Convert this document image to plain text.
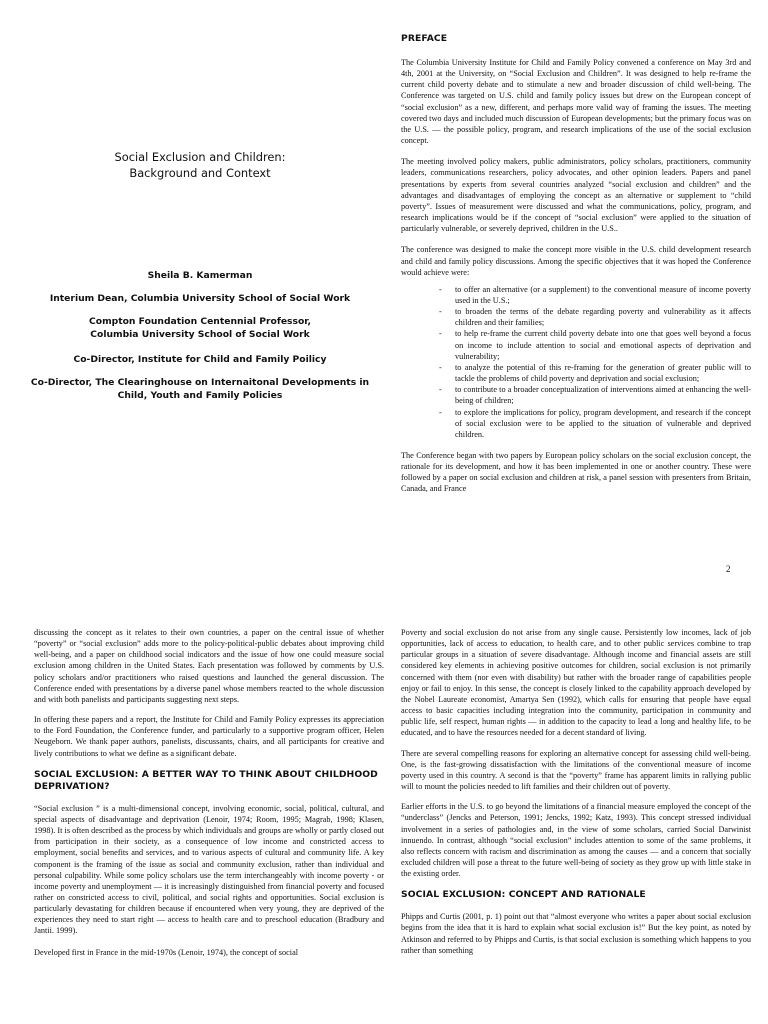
Social Exclusion and Children:
Background and Context
Sheila B. Kamerman
Interium Dean, Columbia University School of Social Work
Compton Foundation Centennial Professor,
Columbia University School of Social Work
Co-Director, Institute for Child and Family Poilicy
Co-Director, The Clearinghouse on Internaitonal Developments in
Child, Youth and Family Policies
PREFACE

The Columbia University Institute for Child and Family Policy convened a conference on May 3rd and 4th, 2001 at the University, on “Social Exclusion and Children”. It was designed to help re-frame the current child poverty debate and to stimulate a new and broader discussion of child well-being. The Conference was targeted on U.S. child and family policy issues but drew on the European concept of “social exclusion” as a new, different, and perhaps more valid way of framing the issues. The meeting covered two days and included much discussion of European developments; but the primary focus was on the U.S. — the possible policy, program, and research implications of the use of the social exclusion concept.

The meeting involved policy makers, public administrators, policy scholars, practitioners, community leaders, communications researchers, policy advocates, and other opinion leaders. Papers and panel presentations by experts from several countries analyzed “social exclusion and children” and the advantages and disadvantages of employing the concept as an alternative or supplement to “child poverty”. Issues of measurement were discussed and what the communications, policy, program, and research implications would be if the concept of “social exclusion” were applied to the situation of particularly vulnerable, or severely deprived, children in the U.S..

The conference was designed to make the concept more visible in the U.S. child development research and child and family policy discussions. Among the specific objectives that it was hoped the Conference would achieve were:

- to offer an alternative (or a supplement) to the conventional measure of income poverty used in the U.S.;
- to broaden the terms of the debate regarding poverty and vulnerability as it affects children and their families;
- to help re-frame the current child poverty debate into one that goes well beyond a focus on income to include attention to social and emotional aspects of deprivation and vulnerability;
- to analyze the potential of this re-framing for the generation of greater public will to tackle the problems of child poverty and deprivation and social exclusion;
- to contribute to a broader conceptualization of interventions aimed at enhancing the well-being of children;
- to explore the implications for policy, program development, and research if the concept of social exclusion were to be applied to the situation of vulnerable and deprived children.

The Conference began with two papers by European policy scholars on the social exclusion concept, the rationale for its development, and how it has been implemented in one or another country. These were followed by a paper on social exclusion and children at risk, a panel session with presenters from Britain, Canada, and France

2

discussing the concept as it relates to their own countries, a paper on the central issue of whether “poverty” or “social exclusion” adds more to the policy-political-public debates about improving child well-being, and a paper on childhood social indicators and the issue of how one could measure social exclusion among children in the United States. Each presentation was followed by comments by U.S. policy scholars and/or practitioners who raised questions and launched the general discussion. The Conference ended with presentations by a diverse panel whose members reacted to the whole discussion and with both panelists and participants suggesting next steps.

In offering these papers and a report, the Institute for Child and Family Policy expresses its appreciation to the Ford Foundation, the Conference funder, and particularly to a supportive program officer, Helen Neugeborn. We thank paper authors, panelists, discussants, chairs, and all participants for creative and lively contributions to what we define as a significant debate.

SOCIAL EXCLUSION: A BETTER WAY TO THINK ABOUT CHILDHOOD DEPRIVATION?

“Social exclusion ” is a multi-dimensional concept, involving economic, social, political, cultural, and special aspects of disadvantage and deprivation (Lenoir, 1974; Room, 1995; Magrab, 1998; Klasen, 1998). It is often described as the process by which individuals and groups are wholly or partly closed out from participation in their society, as a consequence of low income and constricted access to employment, social benefits and services, and to various aspects of cultural and community life. A key component is the framing of the issue as social and community exclusion, rather than individual and personal culpability. While some policy scholars use the term interchangeably with income poverty - or income poverty and unemployment — it is increasingly distinguished from financial poverty and focused rather on constricted access to civil, political, and social rights and opportunities. Social exclusion is particularly devastating for children because if encountered when very young, they are deprived of the experiences they need to start right — access to health care and to preschool education (Bradbury and Jantii. 1999).

Developed first in France in the mid-1970s (Lenoir, 1974), the concept of social

Poverty and social exclusion do not arise from any single cause. Persistently low incomes, lack of job opportunities, lack of access to education, to health care, and to other public services combine to trap particular groups in a situation of severe disadvantage. Although income and financial assets are still considered key elements in achieving positive outcomes for children, social exclusion is not primarily concerned with them (nor even with disability) but rather with the broader range of capabilities people enjoy or fail to enjoy. In this sense, the concept is closely linked to the capability approach developed by the Nobel Laureate economist, Amartya Sen (1992), which calls for ensuring that people have equal access to basic capacities including integration into the community, participation in community and public life, self respect, human rights — in addition to the capacity to lead a long and healthy life, to be educated, and to have the resources needed for a decent standard of living.

There are several compelling reasons for exploring an alternative concept for assessing child well-being. One, is the fast-growing dissatisfaction with the limitations of the conventional measure of income poverty used in this country. A second is that the “poverty” frame has apparent limits in rallying public will to mount the policies needed to lift families and their children out of poverty.

Earlier efforts in the U.S. to go beyond the limitations of a financial measure employed the concept of the “underclass” (Jencks and Peterson, 1991; Jencks, 1992; Katz, 1993). This concept stressed individual involvement in a series of pathologies and, in the view of some scholars, carried Social Darwinist innuendo. In contrast, although “social exclusion” includes attention to some of the same problems, it also reflects concern with racism and discrimination as among the causes — and a concern that socially excluded children will pose a threat to the future well-being of society as they grow up with little stake in the existing order.

SOCIAL EXCLUSION: CONCEPT AND RATIONALE

Phipps and Curtis (2001, p. 1) point out that “almost everyone who writes a paper about social exclusion begins from the idea that it is hard to explain what social exclusion is!” But the key point, as noted by Atkinson and referred to by Phipps and Curtis, is that social exclusion is something which happens to you rather than something
